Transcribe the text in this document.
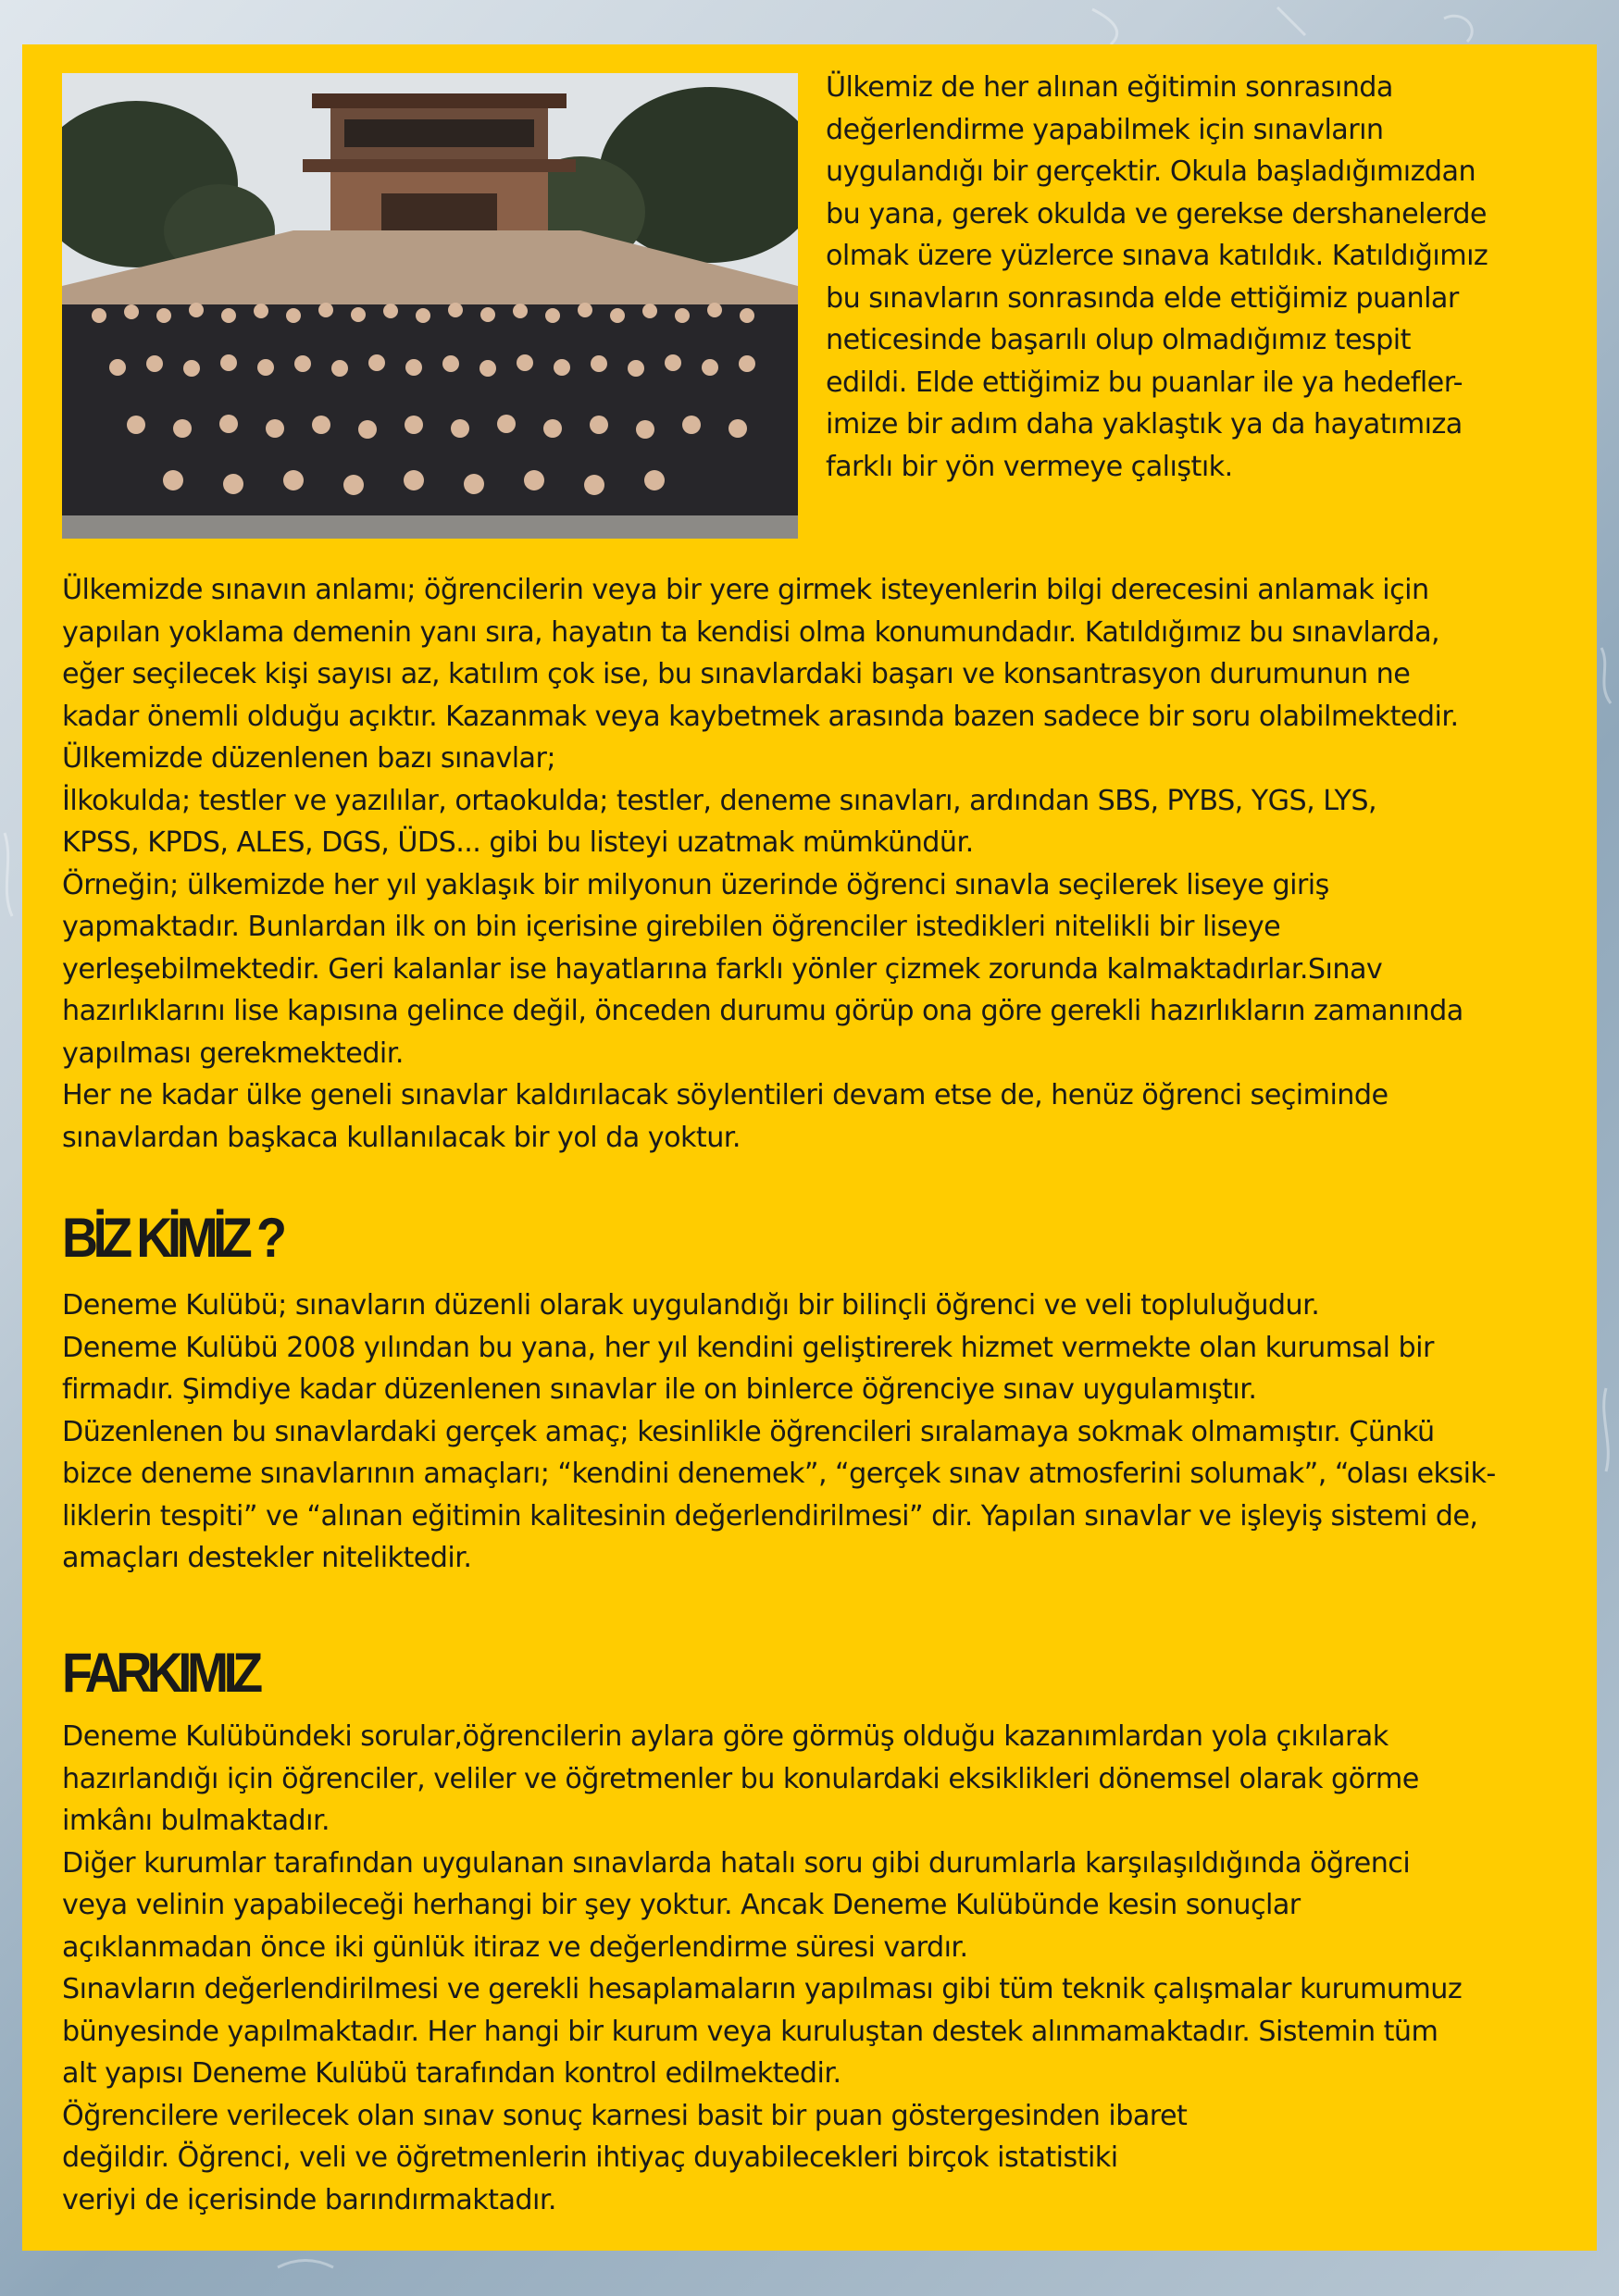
Ülkemiz de her alınan eğitimin sonrasında
değerlendirme yapabilmek için sınavların
uygulandığı bir gerçektir. Okula başladığımızdan
bu yana, gerek okulda ve gerekse dershanelerde
olmak üzere yüzlerce sınava katıldık. Katıldığımız
bu sınavların sonrasında elde ettiğimiz puanlar
neticesinde başarılı olup olmadığımız tespit
edildi. Elde ettiğimiz bu puanlar ile ya hedefler-
imize bir adım daha yaklaştık ya da hayatımıza
farklı bir yön vermeye çalıştık.

Ülkemizde sınavın anlamı; öğrencilerin veya bir yere girmek isteyenlerin bilgi derecesini anlamak için
yapılan yoklama demenin yanı sıra, hayatın ta kendisi olma konumundadır. Katıldığımız bu sınavlarda,
eğer seçilecek kişi sayısı az, katılım çok ise, bu sınavlardaki başarı ve konsantrasyon durumunun ne
kadar önemli olduğu açıktır. Kazanmak veya kaybetmek arasında bazen sadece bir soru olabilmektedir.
Ülkemizde düzenlenen bazı sınavlar;
İlkokulda; testler ve yazılılar, ortaokulda; testler, deneme sınavları, ardından SBS, PYBS, YGS, LYS,
KPSS, KPDS, ALES, DGS, ÜDS... gibi bu listeyi uzatmak mümkündür.
Örneğin; ülkemizde her yıl yaklaşık bir milyonun üzerinde öğrenci sınavla seçilerek liseye giriş
yapmaktadır. Bunlardan ilk on bin içerisine girebilen öğrenciler istedikleri nitelikli bir liseye
yerleşebilmektedir. Geri kalanlar ise hayatlarına farklı yönler çizmek zorunda kalmaktadırlar.Sınav
hazırlıklarını lise kapısına gelince değil, önceden durumu görüp ona göre gerekli hazırlıkların zamanında
yapılması gerekmektedir.
Her ne kadar ülke geneli sınavlar kaldırılacak söylentileri devam etse de, henüz öğrenci seçiminde
sınavlardan başkaca kullanılacak bir yol da yoktur.

BİZ KİMİZ ?

Deneme Kulübü; sınavların düzenli olarak uygulandığı bir bilinçli öğrenci ve veli topluluğudur.
Deneme Kulübü 2008 yılından bu yana, her yıl kendini geliştirerek hizmet vermekte olan kurumsal bir
firmadır. Şimdiye kadar düzenlenen sınavlar ile on binlerce öğrenciye sınav uygulamıştır.
Düzenlenen bu sınavlardaki gerçek amaç; kesinlikle öğrencileri sıralamaya sokmak olmamıştır. Çünkü
bizce deneme sınavlarının amaçları; “kendini denemek”, “gerçek sınav atmosferini solumak”, “olası eksik-
liklerin tespiti” ve “alınan eğitimin kalitesinin değerlendirilmesi” dir. Yapılan sınavlar ve işleyiş sistemi de,
amaçları destekler niteliktedir.

FARKIMIZ

Deneme Kulübündeki sorular,öğrencilerin aylara göre görmüş olduğu kazanımlardan yola çıkılarak
hazırlandığı için öğrenciler, veliler ve öğretmenler bu konulardaki eksiklikleri dönemsel olarak görme
imkânı bulmaktadır.
Diğer kurumlar tarafından uygulanan sınavlarda hatalı soru gibi durumlarla karşılaşıldığında öğrenci
veya velinin yapabileceği herhangi bir şey yoktur. Ancak Deneme Kulübünde kesin sonuçlar
açıklanmadan önce iki günlük itiraz ve değerlendirme süresi vardır.
Sınavların değerlendirilmesi ve gerekli hesaplamaların yapılması gibi tüm teknik çalışmalar kurumumuz
bünyesinde yapılmaktadır. Her hangi bir kurum veya kuruluştan destek alınmamaktadır. Sistemin tüm
alt yapısı Deneme Kulübü tarafından kontrol edilmektedir.
Öğrencilere verilecek olan sınav sonuç karnesi basit bir puan göstergesinden ibaret
değildir. Öğrenci, veli ve öğretmenlerin ihtiyaç duyabilecekleri birçok istatistiki
veriyi de içerisinde barındırmaktadır.
